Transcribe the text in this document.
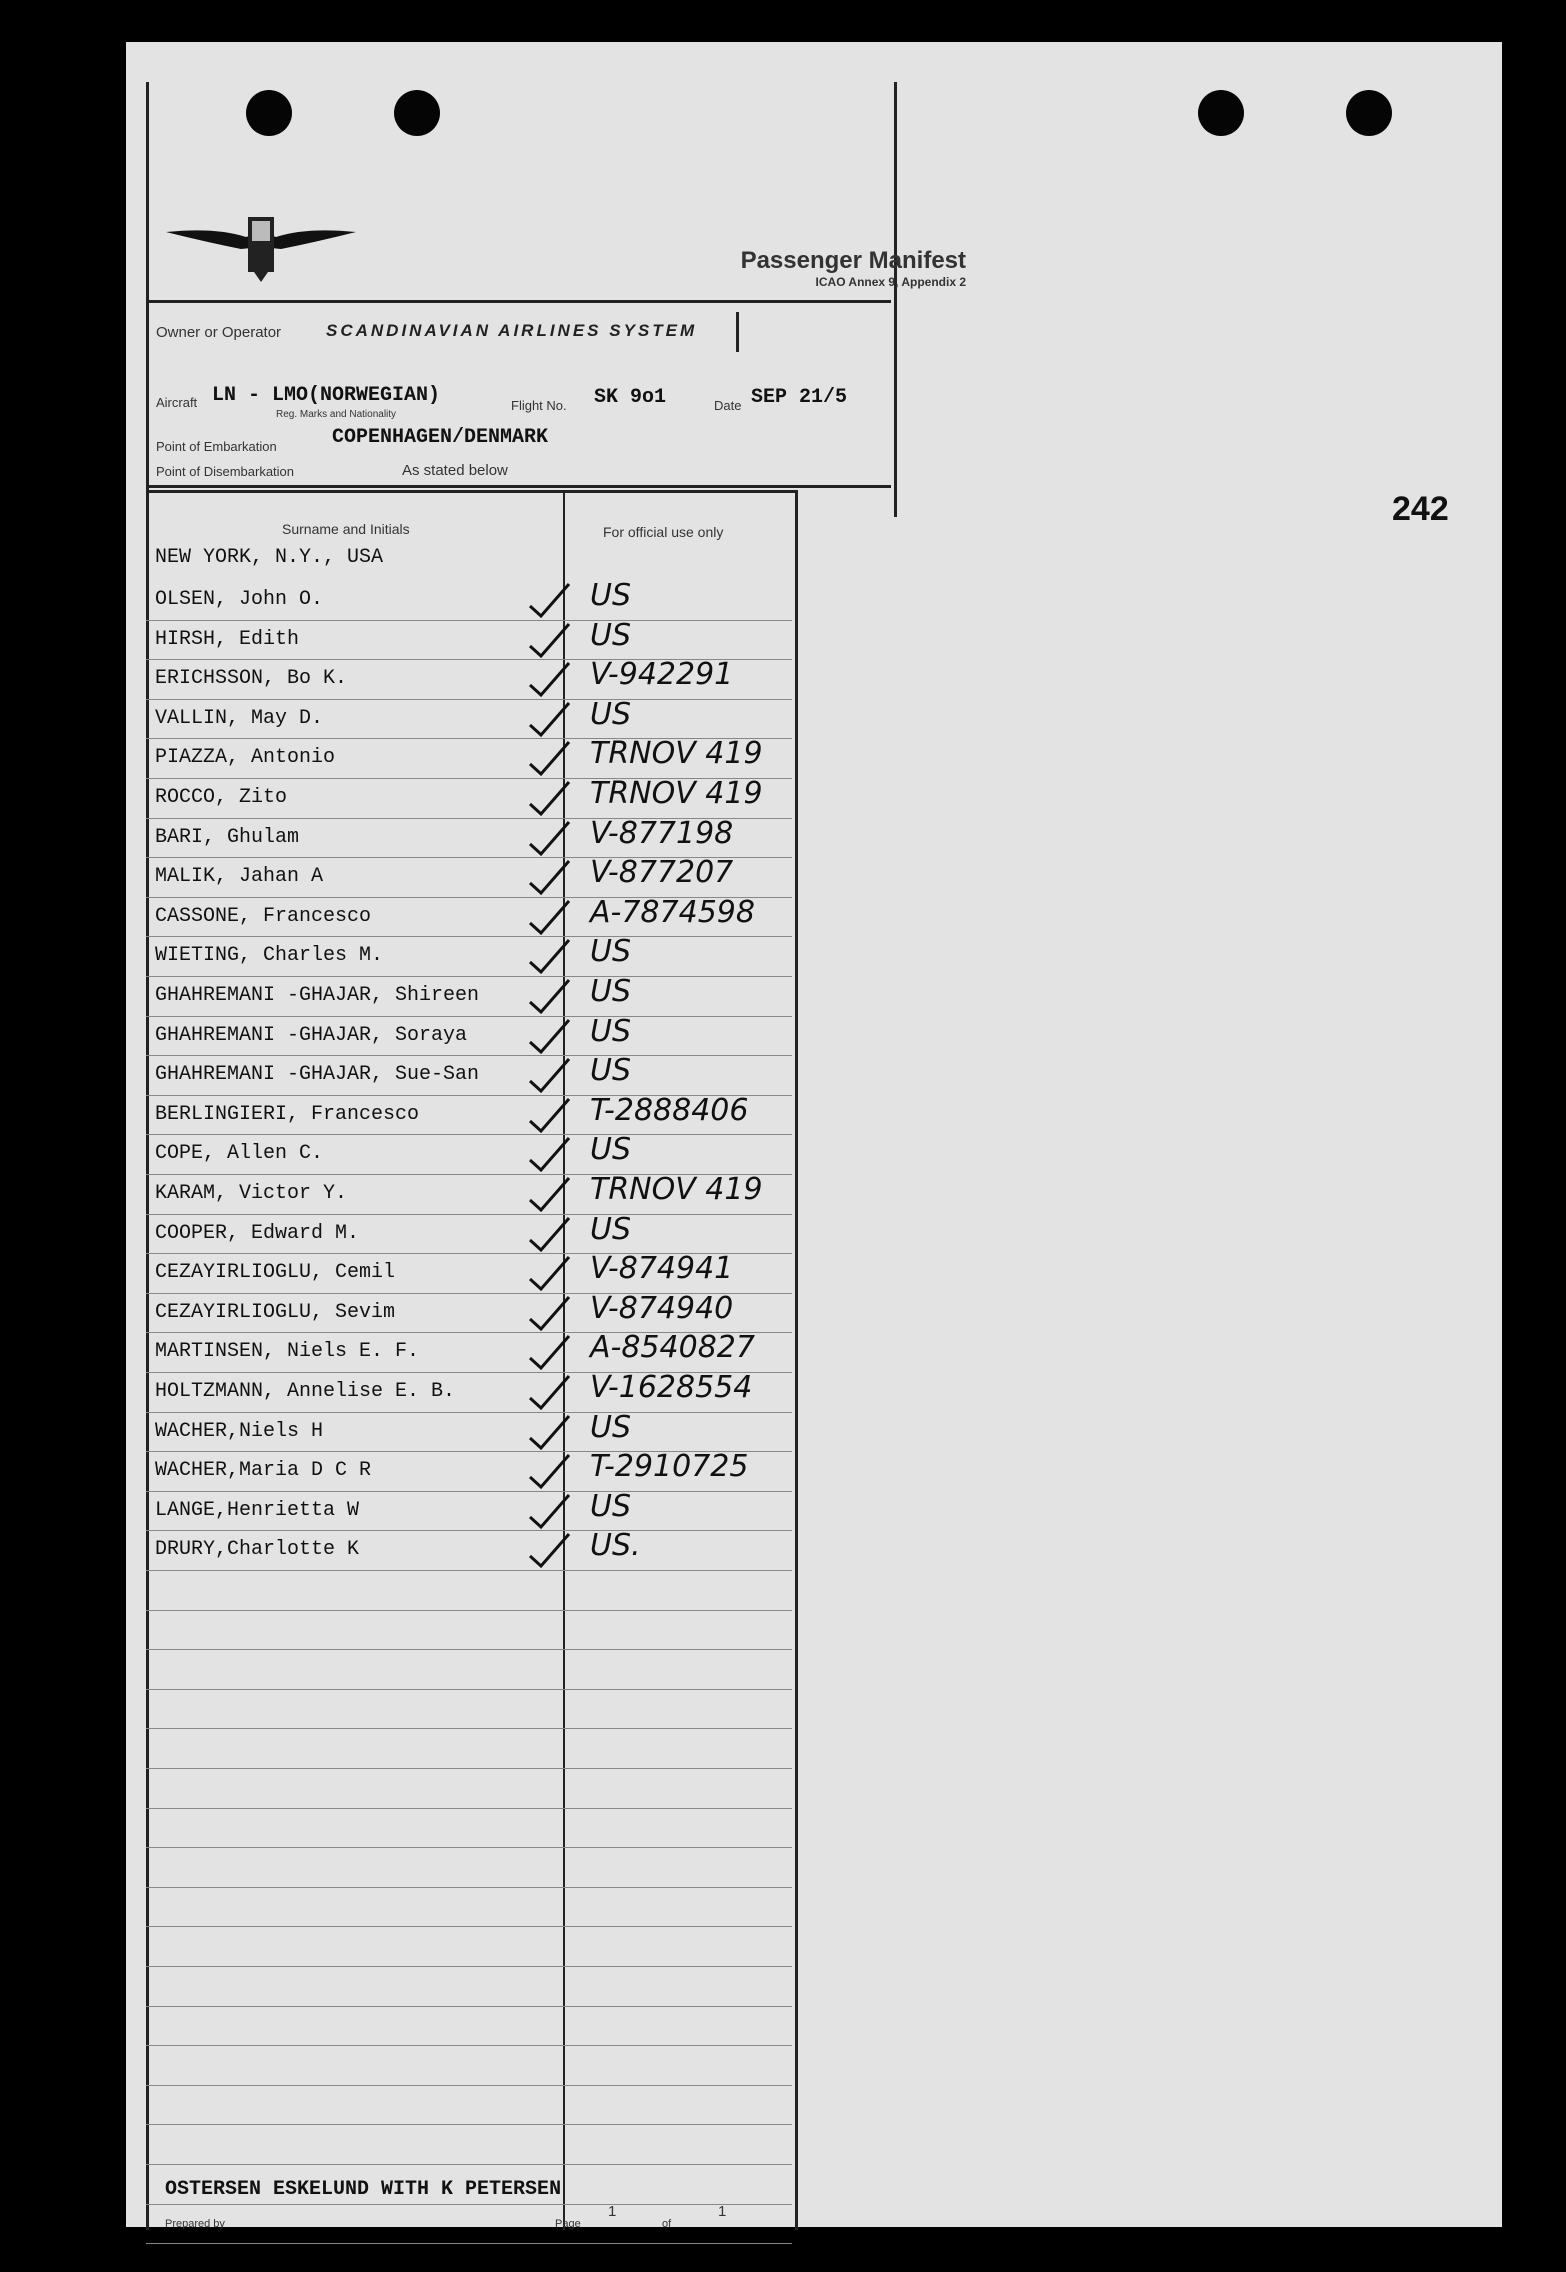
Passenger Manifest
ICAO Annex 9, Appendix 2
Owner or Operator	SCANDINAVIAN AIRLINES SYSTEM
Aircraft LN - LMO(NORWEGIAN)
Reg. Marks and Nationality
Flight No. SK 9o1	Date SEP 21/5
Point of Embarkation	COPENHAGEN/DENMARK
Point of Disembarkation	As stated below
242
Surname and Initials	For official use only
NEW YORK, N.Y., USA
OLSEN, John O.	US
HIRSH, Edith	US
ERICHSSON, Bo K.	V-942291
VALLIN, May D.	US
PIAZZA, Antonio	TRNOV 419
ROCCO, Zito	TRNOV 419
BARI, Ghulam	V-877198
MALIK, Jahan A	V-877207
CASSONE, Francesco	A-7874598
WIETING, Charles M.	US
GHAHREMANI -GHAJAR, Shireen	US
GHAHREMANI -GHAJAR, Soraya	US
GHAHREMANI -GHAJAR, Sue-San	US
BERLINGIERI, Francesco	T-2888406
COPE, Allen C.	US
KARAM, Victor Y.	TRNOV 419
COOPER, Edward M.	US
CEZAYIRLIOGLU, Cemil	V-874941
CEZAYIRLIOGLU, Sevim	V-874940
MARTINSEN, Niels E. F.	A-8540827
HOLTZMANN, Annelise E. B.	V-1628554
WACHER,Niels H	US
WACHER,Maria D C R	T-2910725
LANGE,Henrietta W	US
DRURY,Charlotte K	US.
OSTERSEN ESKELUND WITH K PETERSEN
Prepared by	Page
1
of
1
